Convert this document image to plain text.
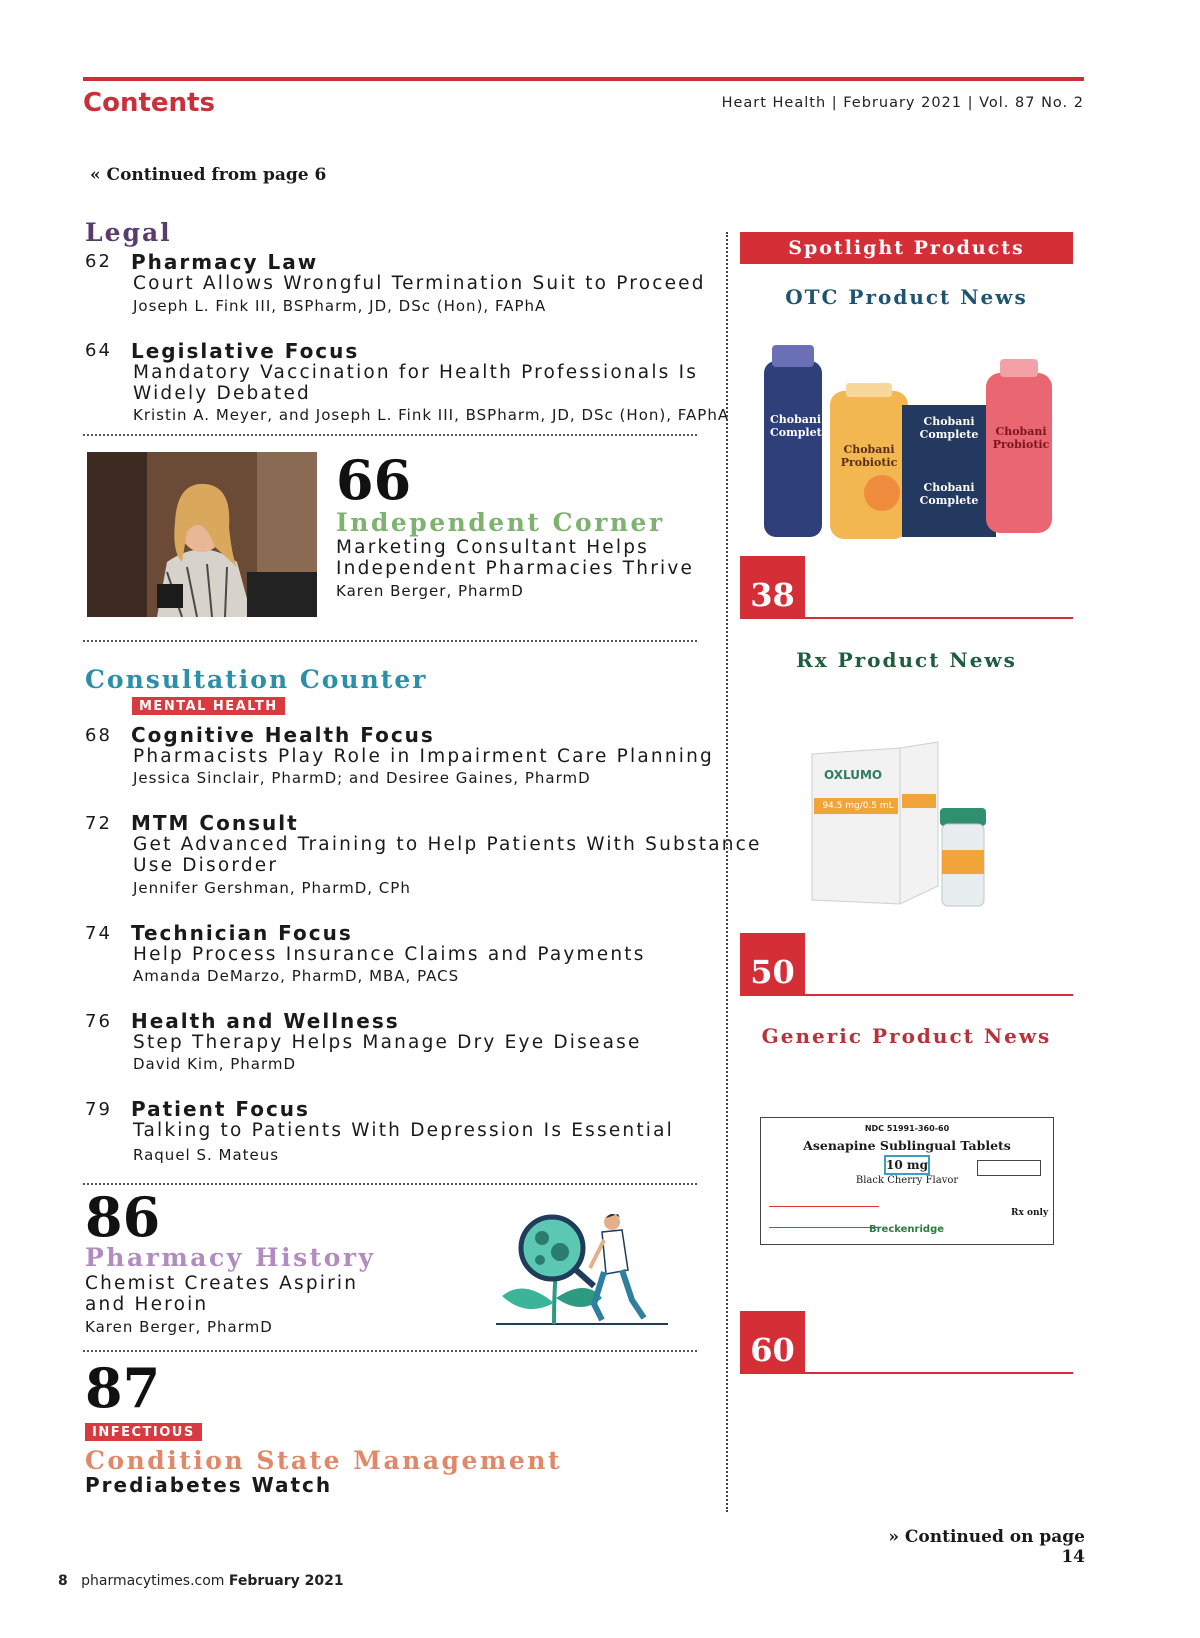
Contents	Heart Health | February 2021 | Vol. 87 No. 2
« Continued from page 6
Legal
62 Pharmacy Law
Court Allows Wrongful Termination Suit to Proceed
Joseph L. Fink III, BSPharm, JD, DSc (Hon), FAPhA
64 Legislative Focus
Mandatory Vaccination for Health Professionals Is
Widely Debated
Kristin A. Meyer, and Joseph L. Fink III, BSPharm, JD, DSc (Hon), FAPhA
66
Independent Corner
Marketing Consultant Helps
Independent Pharmacies Thrive
Karen Berger, PharmD
Consultation Counter
MENTAL HEALTH
68 Cognitive Health Focus
Pharmacists Play Role in Impairment Care Planning
Jessica Sinclair, PharmD; and Desiree Gaines, PharmD
72 MTM Consult
Get Advanced Training to Help Patients With Substance
Use Disorder
Jennifer Gershman, PharmD, CPh
74 Technician Focus
Help Process Insurance Claims and Payments
Amanda DeMarzo, PharmD, MBA, PACS
76 Health and Wellness
Step Therapy Helps Manage Dry Eye Disease
David Kim, PharmD
79 Patient Focus
Talking to Patients With Depression Is Essential
Raquel S. Mateus
86
Pharmacy History
Chemist Creates Aspirin
and Heroin
Karen Berger, PharmD
87
INFECTIOUS
Condition State Management
Prediabetes Watch
Spotlight Products
OTC Product News
Chobani Complete
Chobani Probiotic
Chobani Complete
Chobani Complete
Chobani Probiotic
38
Rx Product News
OXLUMO
94.5 mg/0.5 mL
50
Generic Product News
NDC 51991-360-60
Asenapine Sublingual Tablets
10 mg
Black Cherry Flavor
Rx only
Breckenridge
60
» Continued on page 14
8 pharmacytimes.com February 2021
